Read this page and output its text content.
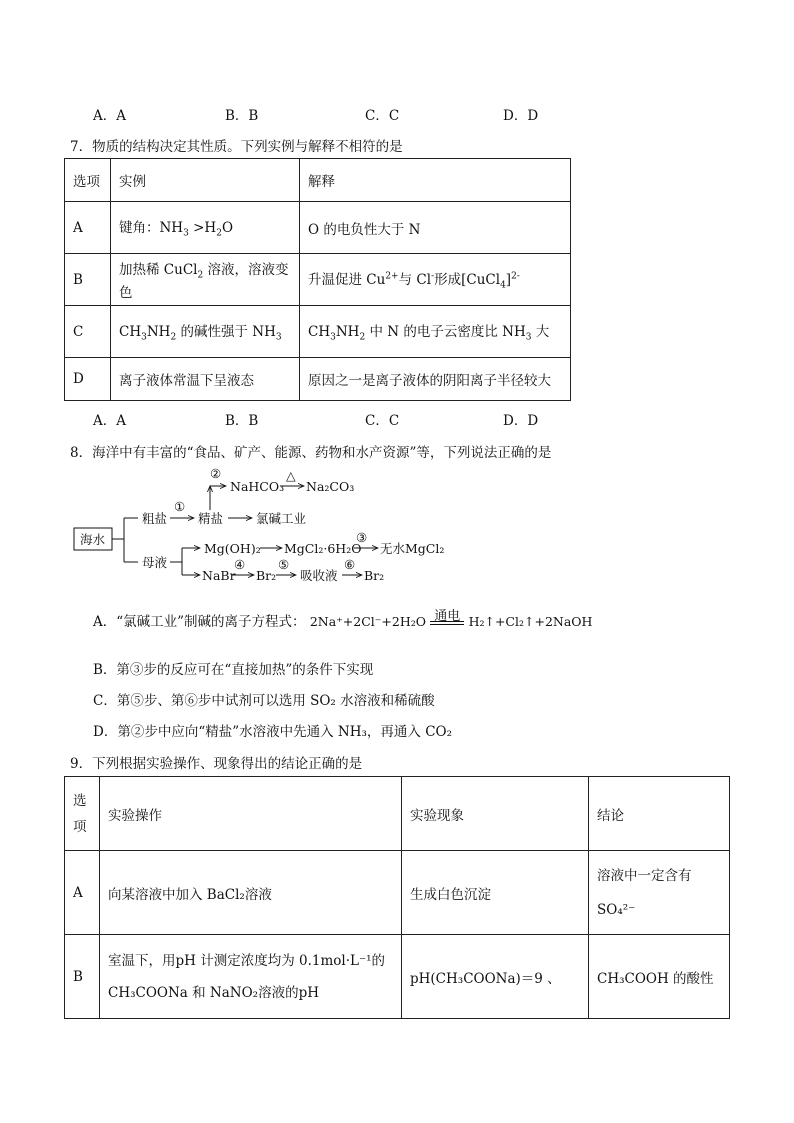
A．A	B．B	C．C	D．D
7．物质的结构决定其性质。下列实例与解释不相符的是
选项	实例	解释
A	键角：$NH_3 >H_2O$	O 的电负性大于 N
B	加热稀 CuCl$_2$ 溶液，溶液变色	升温促进 $Cu^{2+}$与 Cl-形成[CuCl$_4$]$^{2-}$
C	$CH_3NH_2$ 的碱性强于 $NH_3$	$CH_3NH_2$ 中 N 的电子云密度比 $NH_3$ 大
D	离子液体常温下呈液态	原因之一是离子液体的阴阳离子半径较大
A．A	B．B	C．C	D．D
8．海洋中有丰富的“食品、矿产、能源、药物和水产资源”等，下列说法正确的是
海水
粗盐
①
精盐
②
NaHCO₃
△
Na₂CO₃
氯碱工业
母液
Mg(OH)₂ MgCl₂·6H₂O
③
无水MgCl₂
NaBr
④
Br₂
⑤
吸收液
⑥
Br₂
A．“氯碱工业”制碱的离子方程式： 2Na⁺+2Cl⁻+2H₂O 通电 H₂↑+Cl₂↑+2NaOH
B．第③步的反应可在“直接加热”的条件下实现
C．第⑤步、第⑥步中试剂可以选用 SO₂ 水溶液和稀硫酸
D．第②步中应向“精盐”水溶液中先通入 NH₃，再通入 CO₂
9．下列根据实验操作、现象得出的结论正确的是
选
项	实验操作	实验现象	结论
A	向某溶液中加入 BaCl₂溶液	生成白色沉淀	溶液中一定含有
SO₄²⁻
B	室温下，用pH 计测定浓度均为 0.1mol·L⁻¹的
CH₃COONa 和 NaNO₂溶液的pH	pH(CH₃COONa)＝9 、	CH₃COOH 的酸性
